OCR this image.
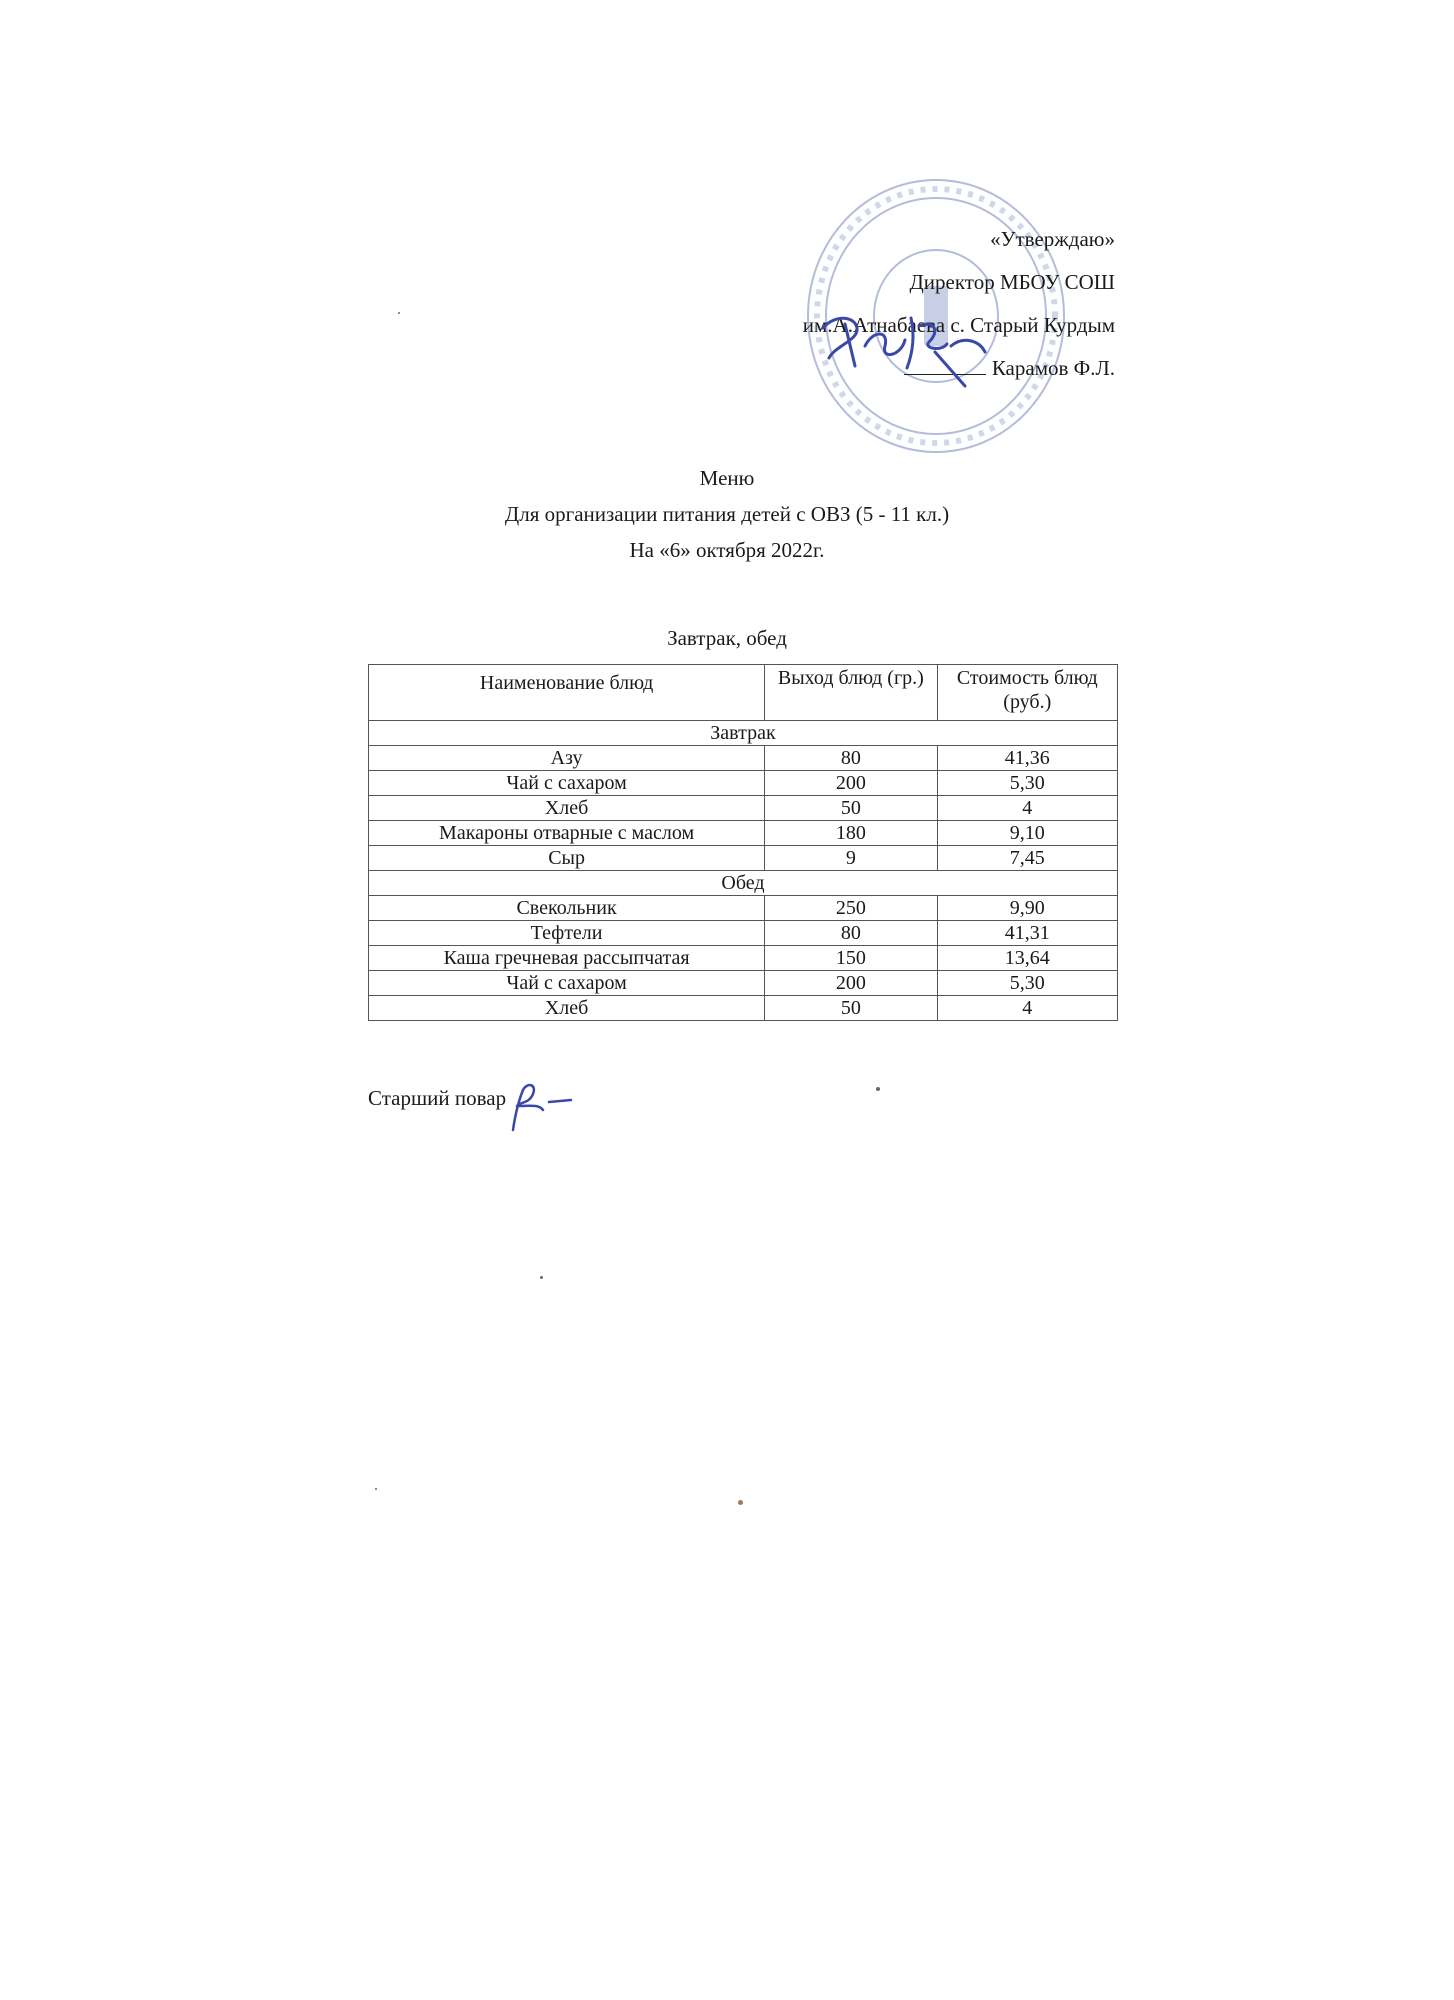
«Утверждаю»
Директор МБОУ СОШ
им.А.Атнабаева с. Старый Курдым
Карамов Ф.Л.
Меню
Для организации питания детей с ОВЗ (5 - 11 кл.)
На «6» октября 2022г.
Завтрак, обед
Наименование блюд	Выход блюд (гр.)	Стоимость блюд (руб.)
Завтрак		
Азу	80	41,36
Чай с сахаром	200	5,30
Хлеб	50	4
Макароны отварные с маслом	180	9,10
Сыр	9	7,45
Обед		
Свекольник	250	9,90
Тефтели	80	41,31
Каша гречневая рассыпчатая	150	13,64
Чай с сахаром	200	5,30
Хлеб	50	4
Старший повар
